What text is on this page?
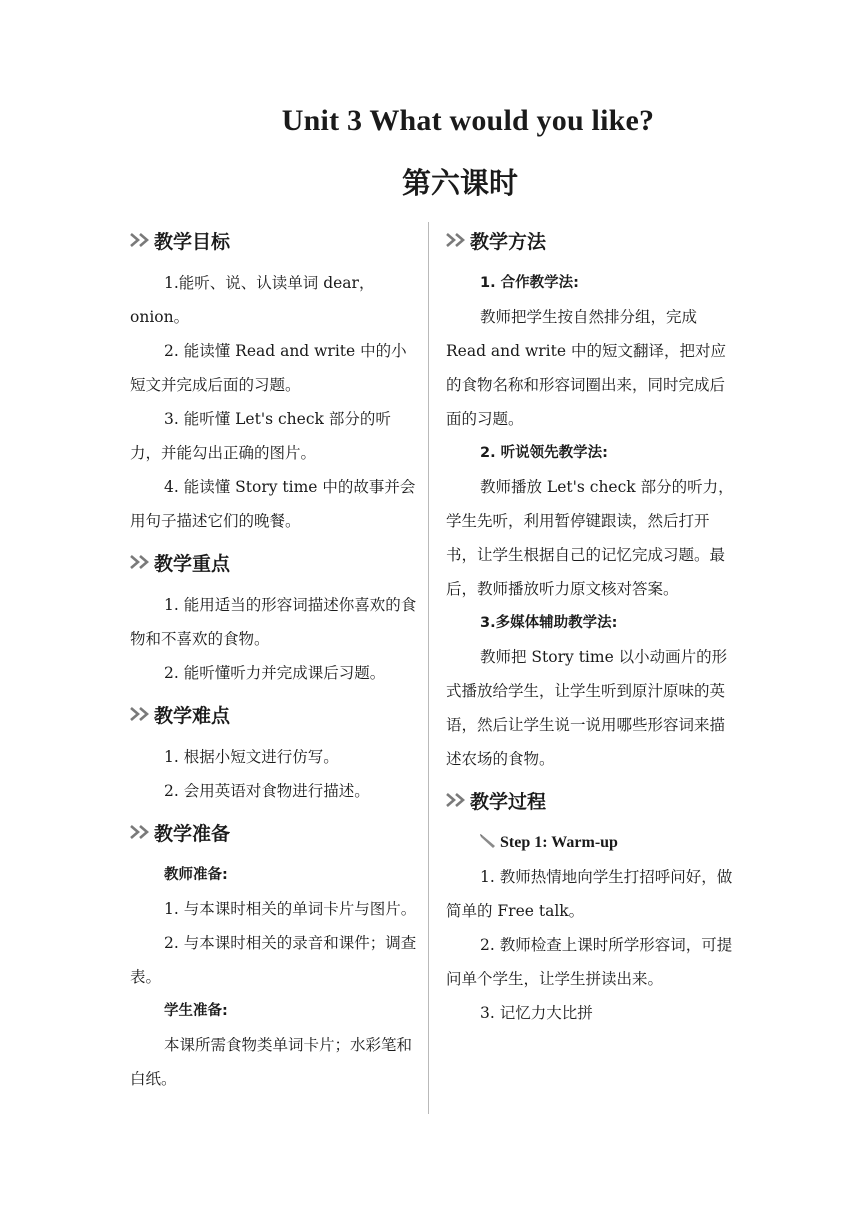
Unit 3 What would you like?
第六课时
教学目标

1.能听、说、认读单词 dear，onion。

2. 能读懂 Read and write 中的小短文并完成后面的习题。

3. 能听懂 Let's check 部分的听力，并能勾出正确的图片。

4. 能读懂 Story time 中的故事并会用句子描述它们的晚餐。

教学重点

1. 能用适当的形容词描述你喜欢的食物和不喜欢的食物。

2. 能听懂听力并完成课后习题。

教学难点

1. 根据小短文进行仿写。

2. 会用英语对食物进行描述。

教学准备

教师准备:

1. 与本课时相关的单词卡片与图片。

2. 与本课时相关的录音和课件；调查表。

学生准备:

本课所需食物类单词卡片；水彩笔和白纸。

教学方法

1. 合作教学法:

教师把学生按自然排分组，完成 Read and write 中的短文翻译，把对应的食物名称和形容词圈出来，同时完成后面的习题。

2. 听说领先教学法:

教师播放 Let's check 部分的听力，学生先听，利用暂停键跟读，然后打开书，让学生根据自己的记忆完成习题。最后，教师播放听力原文核对答案。

3.多媒体辅助教学法:

教师把 Story time 以小动画片的形式播放给学生，让学生听到原汁原味的英语，然后让学生说一说用哪些形容词来描述农场的食物。

教学过程
Step 1: Warm-up

1. 教师热情地向学生打招呼问好，做简单的 Free talk。

2. 教师检查上课时所学形容词，可提问单个学生，让学生拼读出来。

3. 记忆力大比拼
